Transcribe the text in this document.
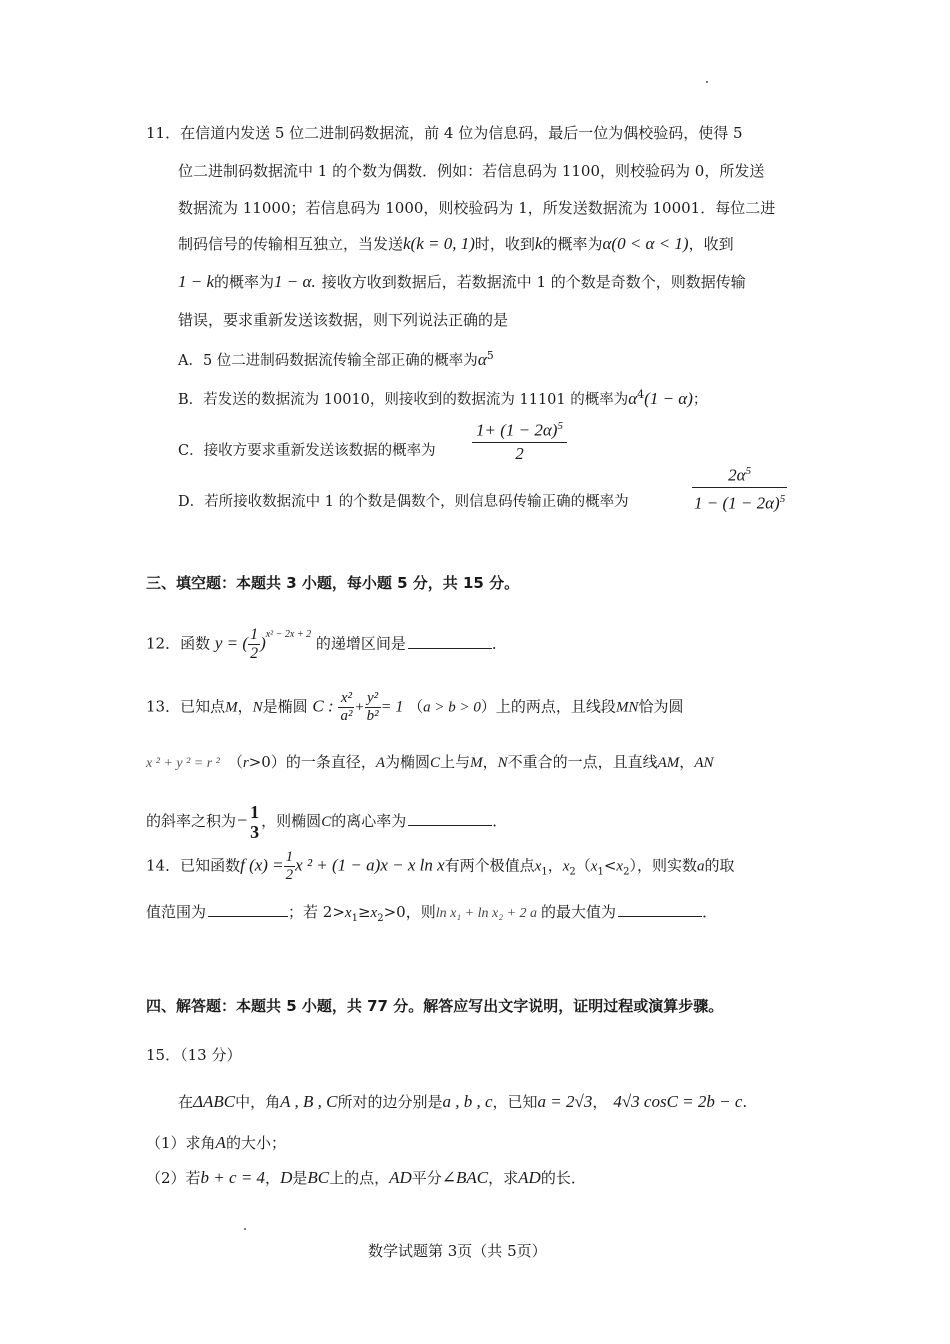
11．在信道内发送 5 位二进制码数据流，前 4 位为信息码，最后一位为偶校验码，使得 5
位二进制码数据流中 1 的个数为偶数．例如：若信息码为 1100，则校验码为 0，所发送
数据流为 11000；若信息码为 1000，则校验码为 1，所发送数据流为 10001．每位二进
制码信号的传输相互独立，当发送k(k = 0, 1)时，收到k的概率为α(0 < α < 1)，收到
1 − k的概率为1 − α. 接收方收到数据后，若数据流中 1 的个数是奇数个，则数据传输
错误，要求重新发送该数据，则下列说法正确的是
A．5 位二进制码数据流传输全部正确的概率为$\alpha^5$
B．若发送的数据流为 10010，则接收到的数据流为 11101 的概率为$\alpha^4(1 - \alpha)$；
C．接收方要求重新发送该数据的概率为 $\frac{1+ (1 - 2\alpha)^5}{2}$
D．若所接收数据流中 1 的个数是偶数个，则信息码传输正确的概率为	$\frac{2\alpha^5}{1 - (1 - 2\alpha)^5}$
三、填空题：本题共 3 小题，每小题 5 分，共 15 分。
12．函数 y = ( $\frac{1}{2} )^{x^2 - 2x + 2}$ 的递增区间是	．
13．已知点M，N是椭圆 C : $\frac{\text{x²}}{\text{a²}} + \frac{\text{y²}}{\text{b²}} = 1$ （a > b > 0）上的两点，且线段MN恰为圆
x ² + y ² = r ² （r>0）的一条直径，A为椭圆C上与M，N不重合的一点，且直线AM，AN
的斜率之积为− 1
3
，则椭圆C的离心率为	．
14．已知函数f $(x) = \frac{1}{2}$ x ² + (1 − a)x − x ln x有两个极值点$x_1$，$x_2(x_1<x_2)$，则实数a的取
值范围为	；若 $2>x_1\ge x_2>0$，则ln x₁ + ln x₂ + 2 a 的最大值为	．
四、解答题：本题共 5 小题，共 77 分。解答应写出文字说明，证明过程或演算步骤。
15．（13 分）
在ΔABC中，角A , B , C所对的边分别是a , b , c，已知a = 2√3， 4√3 cosC = 2b − c.
（1）求角A的大小；
（2）若b + c = 4，D是BC上的点，AD平分∠BAC，求AD的长．
数学试题第 3页（共 5页）
